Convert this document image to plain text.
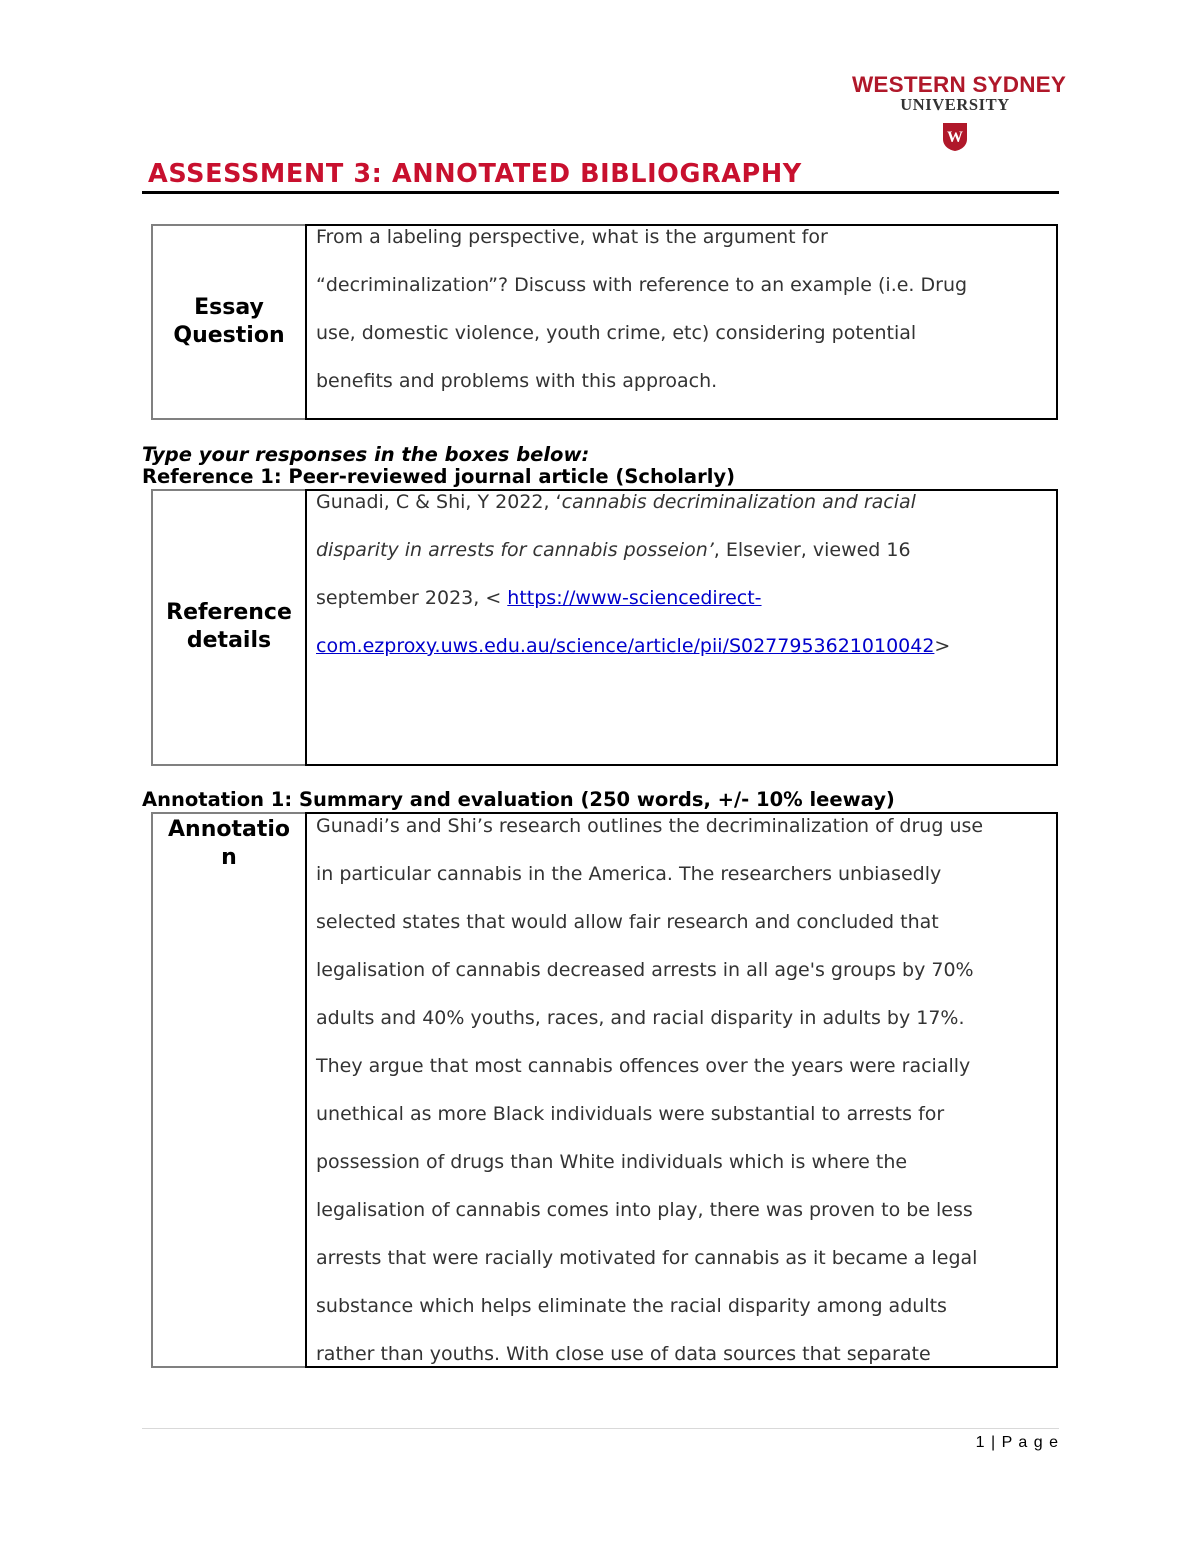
WESTERN SYDNEY
UNIVERSITY
W
ASSESSMENT 3: ANNOTATED BIBLIOGRAPHY
Essay
Question
From a labeling perspective, what is the argument for
“decriminalization”? Discuss with reference to an example (i.e. Drug
use, domestic violence, youth crime, etc) considering potential
benefits and problems with this approach.
Type your responses in the boxes below:
Reference 1: Peer-reviewed journal article (Scholarly)
Reference
details
Gunadi, C & Shi, Y 2022, ‘cannabis decriminalization and racial
disparity in arrests for cannabis posseion’, Elsevier, viewed 16
september 2023, < https://www-sciencedirect-
com.ezproxy.uws.edu.au/science/article/pii/S0277953621010042>
Annotation 1: Summary and evaluation (250 words, +/- 10% leeway)
Annotatio
n
Gunadi’s and Shi’s research outlines the decriminalization of drug use
in particular cannabis in the America. The researchers unbiasedly
selected states that would allow fair research and concluded that
legalisation of cannabis decreased arrests in all age's groups by 70%
adults and 40% youths, races, and racial disparity in adults by 17%.
They argue that most cannabis offences over the years were racially
unethical as more Black individuals were substantial to arrests for
possession of drugs than White individuals which is where the
legalisation of cannabis comes into play, there was proven to be less
arrests that were racially motivated for cannabis as it became a legal
substance which helps eliminate the racial disparity among adults
rather than youths. With close use of data sources that separate
1 | P a g e
